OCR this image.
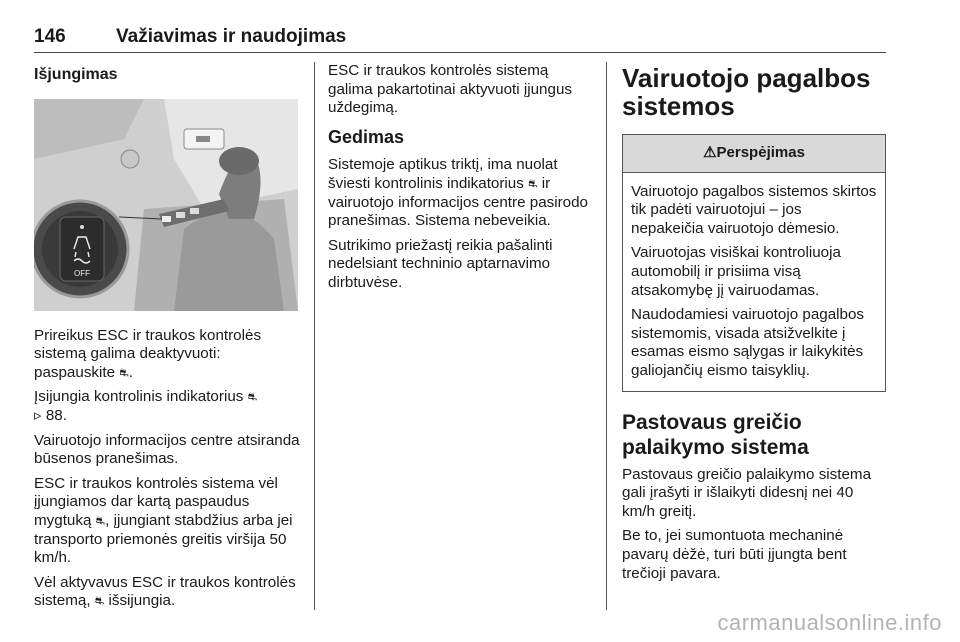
146	Važiavimas ir naudojimas
Išjungimas
OFF

Prireikus ESC ir traukos kontrolės sistemą galima deaktyvuoti: paspauskite ⛐.

Įsijungia kontrolinis indikatorius ⛐
▹ 88.

Vairuotojo informacijos centre atsiranda būsenos pranešimas.

ESC ir traukos kontrolės sistema vėl įjungiamos dar kartą paspaudus mygtuką ⛐, įjungiant stabdžius arba jei transporto priemonės greitis viršija 50 km/h.

Vėl aktyvavus ESC ir traukos kontrolės sistemą, ⛐ išsijungia.

ESC ir traukos kontrolės sistemą galima pakartotinai aktyvuoti įjungus uždegimą.

Gedimas

Sistemoje aptikus triktį, ima nuolat šviesti kontrolinis indikatorius ⛐ ir vairuotojo informacijos centre pasirodo pranešimas. Sistema nebeveikia.

Sutrikimo priežastį reikia pašalinti nedelsiant techninio aptarnavimo dirbtuvėse.

Vairuotojo pagalbos sistemos
⚠Perspėjimas

Vairuotojo pagalbos sistemos skirtos tik padėti vairuotojui – jos nepakeičia vairuotojo dėmesio.

Vairuotojas visiškai kontroliuoja automobilį ir prisiima visą atsakomybę jį vairuodamas.

Naudodamiesi vairuotojo pagalbos sistemomis, visada atsižvelkite į esamas eismo sąlygas ir laikykitės galiojančių eismo taisyklių.

Pastovaus greičio palaikymo sistema

Pastovaus greičio palaikymo sistema gali įrašyti ir išlaikyti didesnį nei 40 km/h greitį.

Be to, jei sumontuota mechaninė pavarų dėžė, turi būti įjungta bent trečioji pavara.

carmanualsonline.info
